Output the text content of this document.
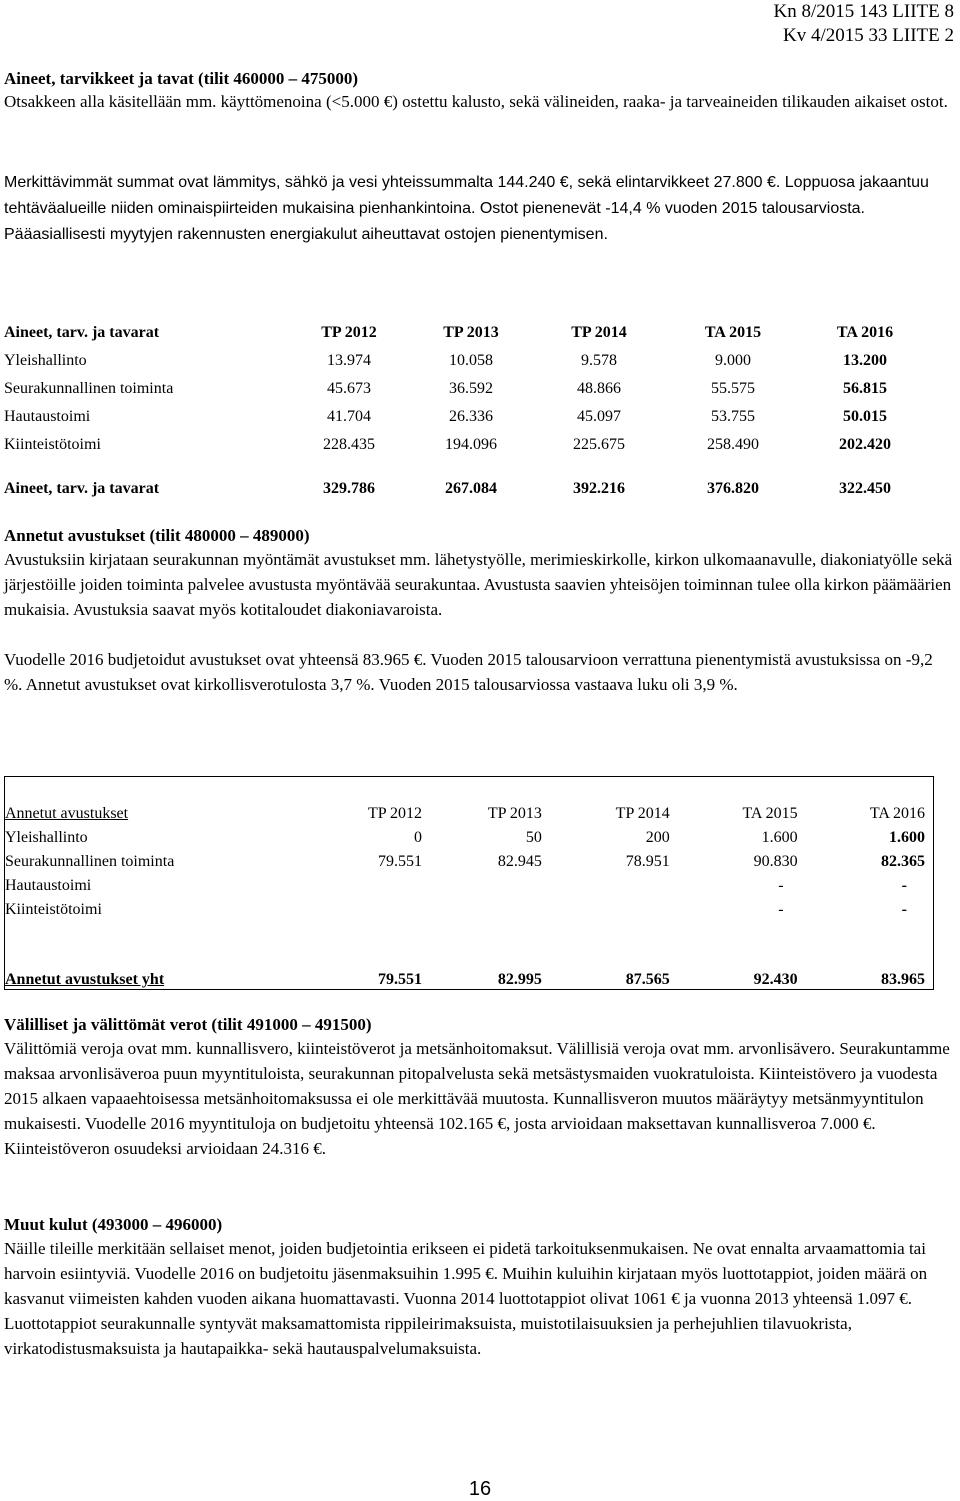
Kn 8/2015 143 LIITE 8
Kv 4/2015 33 LIITE 2
Aineet, tarvikkeet ja tavat (tilit 460000 – 475000)

Otsakkeen alla käsitellään mm. käyttömenoina (<5.000 €) ostettu kalusto, sekä välineiden, raaka- ja tarveaineiden tilikauden aikaiset ostot.

Merkittävimmät summat ovat lämmitys, sähkö ja vesi yhteissummalta 144.240 €, sekä elintarvikkeet 27.800 €. Loppuosa jakaantuu tehtäväalueille niiden ominaispiirteiden mukaisina pienhankintoina. Ostot pienenevät -14,4 % vuoden 2015 talousarviosta. Pääasiallisesti myytyjen rakennusten energiakulut aiheuttavat ostojen pienentymisen.

Aineet, tarv. ja tavarat	TP 2012	TP 2013	TP 2014	TA 2015	TA 2016
Yleishallinto	13.974	10.058	9.578	9.000	13.200
Seurakunnallinen toiminta	45.673	36.592	48.866	55.575	56.815
Hautaustoimi	41.704	26.336	45.097	53.755	50.015
Kiinteistötoimi	228.435	194.096	225.675	258.490	202.420
Aineet, tarv. ja tavarat	329.786	267.084	392.216	376.820	322.450
Annetut avustukset (tilit 480000 – 489000)

Avustuksiin kirjataan seurakunnan myöntämät avustukset mm. lähetystyölle, merimieskirkolle, kirkon ulkomaanavulle, diakoniatyölle sekä järjestöille joiden toiminta palvelee avustusta myöntävää seurakuntaa. Avustusta saavien yhteisöjen toiminnan tulee olla kirkon päämäärien mukaisia. Avustuksia saavat myös kotitaloudet diakoniavaroista.

Vuodelle 2016 budjetoidut avustukset ovat yhteensä 83.965 €. Vuoden 2015 talousarvioon verrattuna pienentymistä avustuksissa on -9,2 %. Annetut avustukset ovat kirkollisverotulosta 3,7 %. Vuoden 2015 talousarviossa vastaava luku oli 3,9 %.

Annetut avustukset	TP 2012	TP 2013	TP 2014	TA 2015	TA 2016
Yleishallinto	0	50	200	1.600	1.600
Seurakunnallinen toiminta	79.551	82.945	78.951	90.830	82.365
Hautaustoimi				-	-
Kiinteistötoimi				-	-
Annetut avustukset yht	79.551	82.995	87.565	92.430	83.965
Välilliset ja välittömät verot (tilit 491000 – 491500)

Välittömiä veroja ovat mm. kunnallisvero, kiinteistöverot ja metsänhoitomaksut. Välillisiä veroja ovat mm. arvonlisävero. Seurakuntamme maksaa arvonlisäveroa puun myyntituloista, seurakunnan pitopalvelusta sekä metsästysmaiden vuokratuloista. Kiinteistövero ja vuodesta 2015 alkaen vapaaehtoisessa metsänhoitomaksussa ei ole merkittävää muutosta. Kunnallisveron muutos määräytyy metsänmyyntitulon mukaisesti. Vuodelle 2016 myyntituloja on budjetoitu yhteensä 102.165 €, josta arvioidaan maksettavan kunnallisveroa 7.000 €. Kiinteistöveron osuudeksi arvioidaan 24.316 €.

Muut kulut (493000 – 496000)

Näille tileille merkitään sellaiset menot, joiden budjetointia erikseen ei pidetä tarkoituksenmukaisen. Ne ovat ennalta arvaamattomia tai harvoin esiintyviä. Vuodelle 2016 on budjetoitu jäsenmaksuihin 1.995 €. Muihin kuluihin kirjataan myös luottotappiot, joiden määrä on kasvanut viimeisten kahden vuoden aikana huomattavasti. Vuonna 2014 luottotappiot olivat 1061 € ja vuonna 2013 yhteensä 1.097 €. Luottotappiot seurakunnalle syntyvät maksamattomista rippileirimaksuista, muistotilaisuuksien ja perhejuhlien tilavuokrista, virkatodistusmaksuista ja hautapaikka- sekä hautauspalvelumaksuista.

16
